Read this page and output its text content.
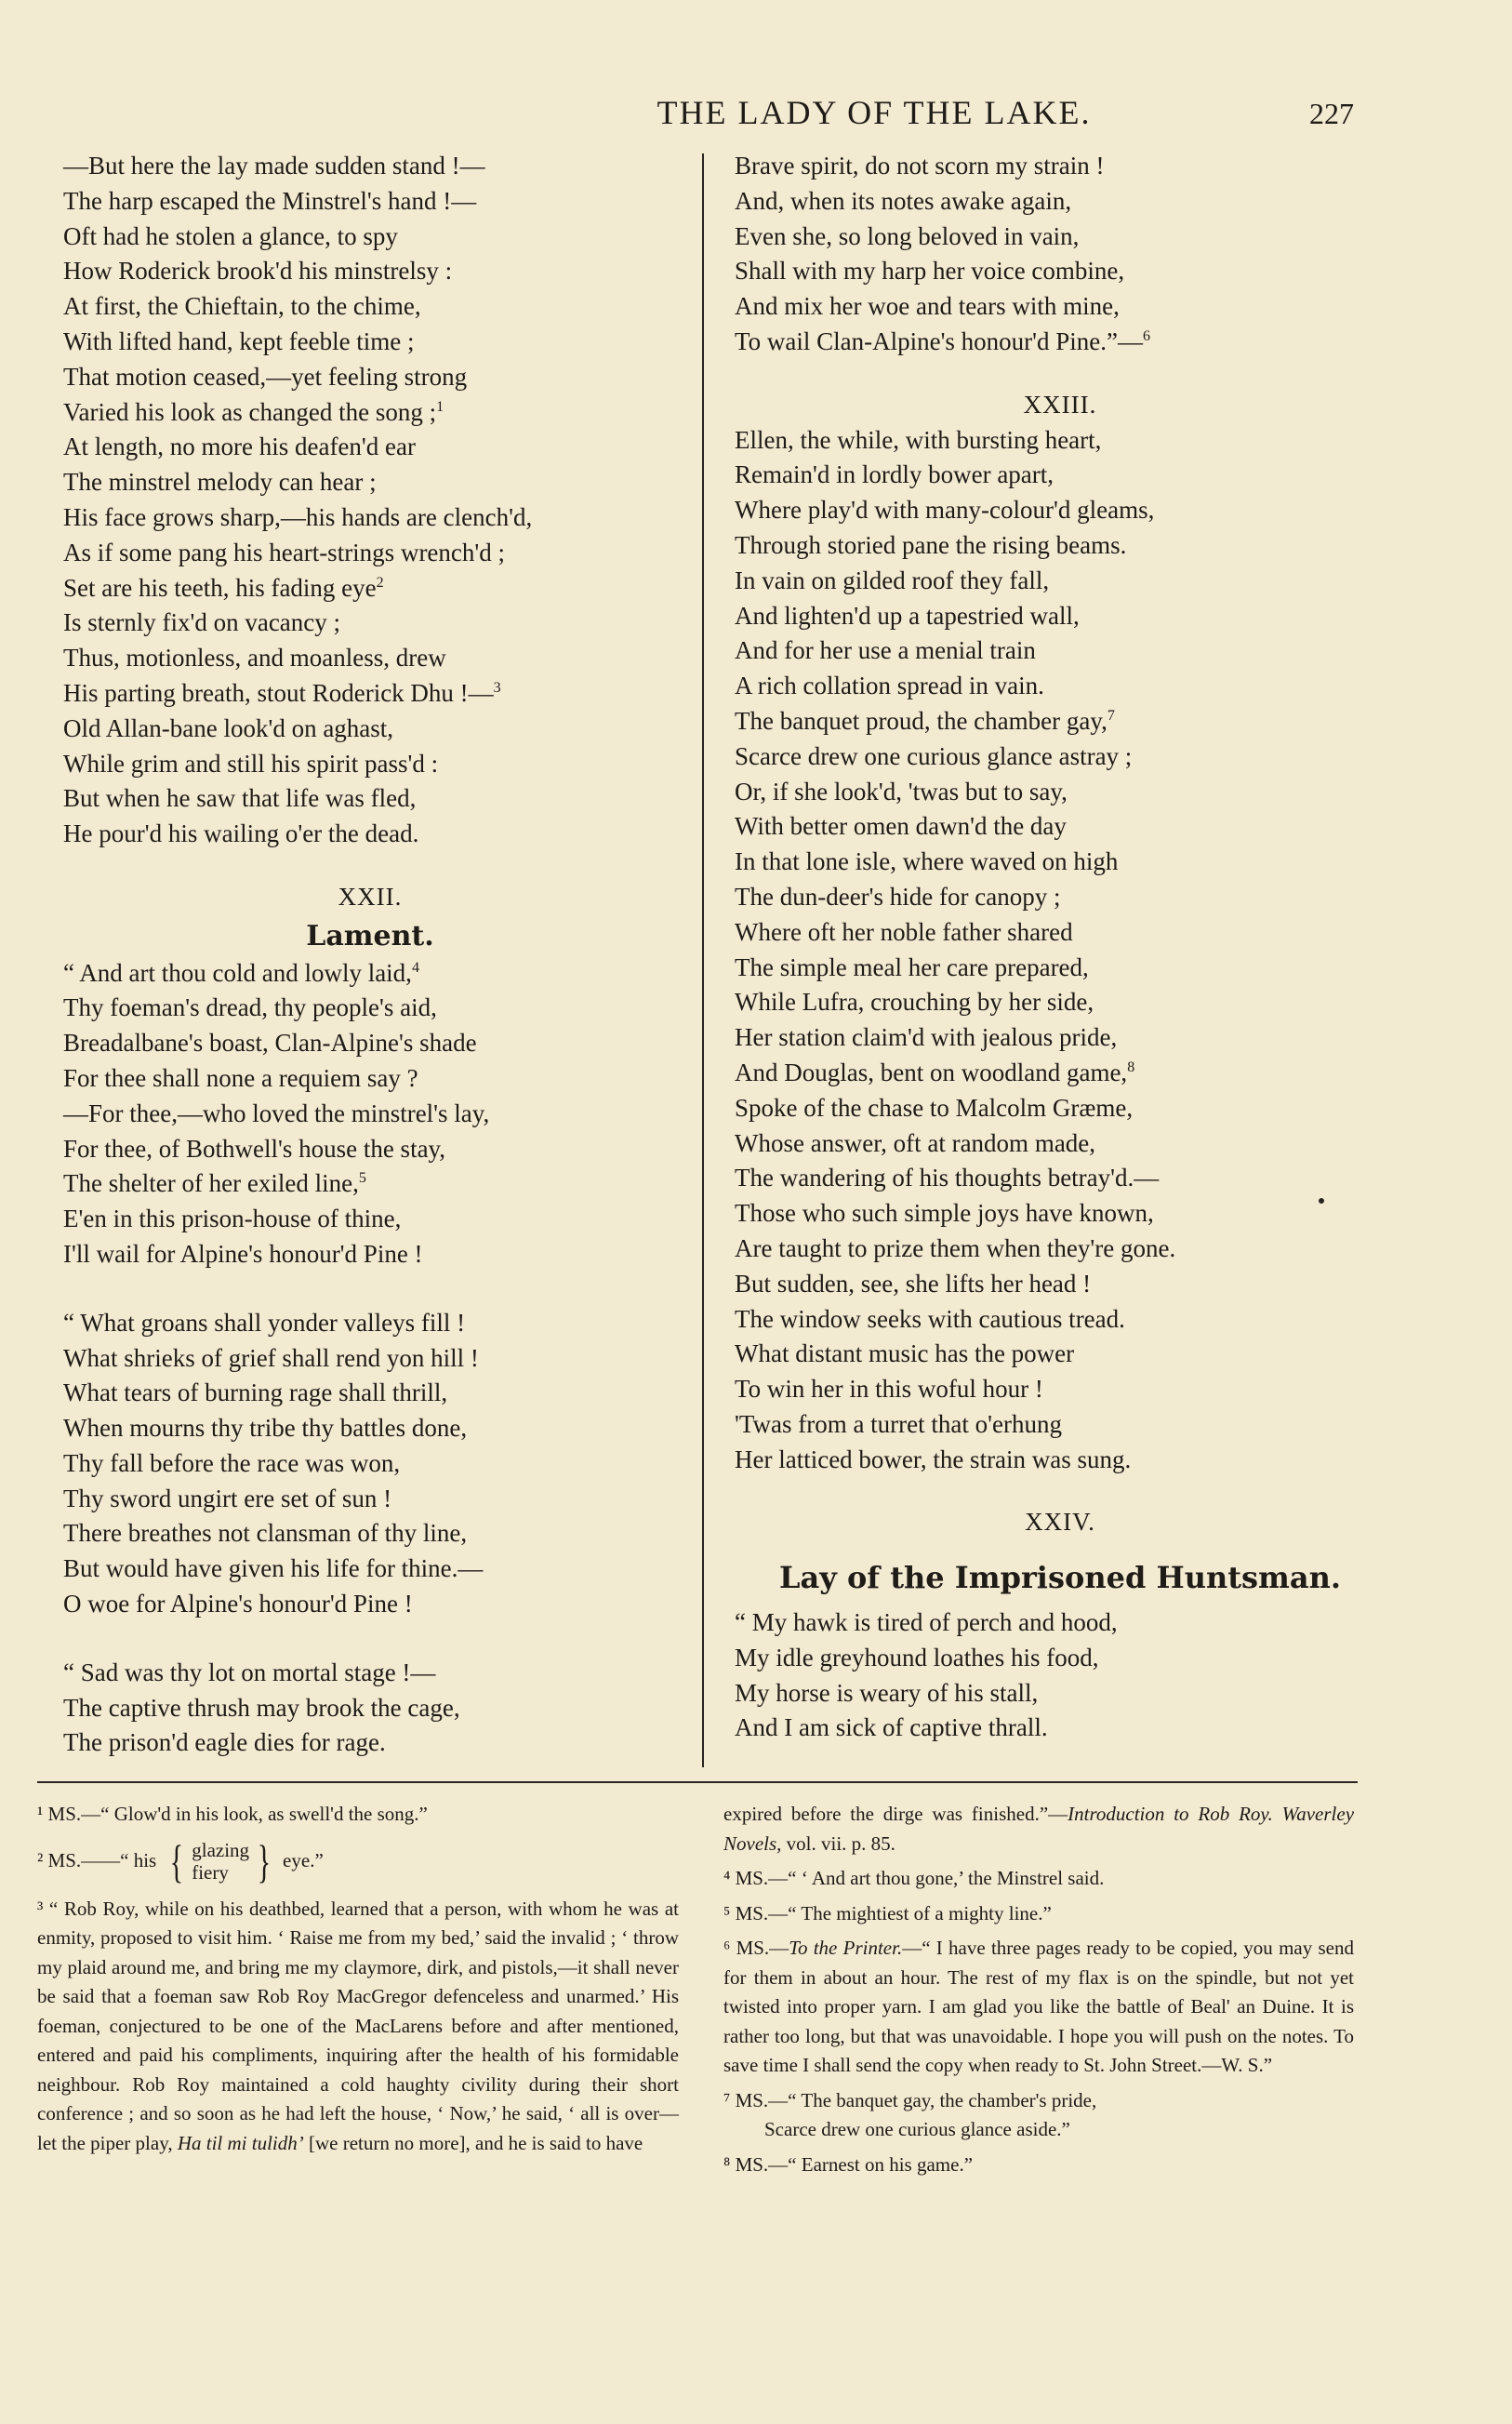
THE LADY OF THE LAKE.	227
—But here the lay made sudden stand !—
The harp escaped the Minstrel's hand !—
Oft had he stolen a glance, to spy
How Roderick brook'd his minstrelsy :
At first, the Chieftain, to the chime,
With lifted hand, kept feeble time ;
That motion ceased,—yet feeling strong
Varied his look as changed the song ;$^1$
At length, no more his deafen'd ear
The minstrel melody can hear ;
His face grows sharp,—his hands are clench'd,
As if some pang his heart-strings wrench'd ;
Set are his teeth, his fading eye$^2$
Is sternly fix'd on vacancy ;
Thus, motionless, and moanless, drew
His parting breath, stout Roderick Dhu !—$^3$
Old Allan-bane look'd on aghast,
While grim and still his spirit pass'd :
But when he saw that life was fled,
He pour'd his wailing o'er the dead.
XXII.
Lament.
“ And art thou cold and lowly laid,$^4$
Thy foeman's dread, thy people's aid,
Breadalbane's boast, Clan-Alpine's shade
For thee shall none a requiem say ?
—For thee,—who loved the minstrel's lay,
For thee, of Bothwell's house the stay,
The shelter of her exiled line,$^5$
E'en in this prison-house of thine,
I'll wail for Alpine's honour'd Pine !
“ What groans shall yonder valleys fill !
What shrieks of grief shall rend yon hill !
What tears of burning rage shall thrill,
When mourns thy tribe thy battles done,
Thy fall before the race was won,
Thy sword ungirt ere set of sun !
There breathes not clansman of thy line,
But would have given his life for thine.—
O woe for Alpine's honour'd Pine !
“ Sad was thy lot on mortal stage !—
The captive thrush may brook the cage,
The prison'd eagle dies for rage.
Brave spirit, do not scorn my strain !
And, when its notes awake again,
Even she, so long beloved in vain,
Shall with my harp her voice combine,
And mix her woe and tears with mine,
To wail Clan-Alpine's honour'd Pine.”—$^6$
XXIII.
Ellen, the while, with bursting heart,
Remain'd in lordly bower apart,
Where play'd with many-colour'd gleams,
Through storied pane the rising beams.
In vain on gilded roof they fall,
And lighten'd up a tapestried wall,
And for her use a menial train
A rich collation spread in vain.
The banquet proud, the chamber gay,$^7$
Scarce drew one curious glance astray ;
Or, if she look'd, 'twas but to say,
With better omen dawn'd the day
In that lone isle, where waved on high
The dun-deer's hide for canopy ;
Where oft her noble father shared
The simple meal her care prepared,
While Lufra, crouching by her side,
Her station claim'd with jealous pride,
And Douglas, bent on woodland game,$^8$
Spoke of the chase to Malcolm Græme,
Whose answer, oft at random made,
The wandering of his thoughts betray'd.—
Those who such simple joys have known,
Are taught to prize them when they're gone.
But sudden, see, she lifts her head !
The window seeks with cautious tread.
What distant music has the power
To win her in this woful hour !
'Twas from a turret that o'erhung
Her latticed bower, the strain was sung.
XXIV.
Lay of the Imprisoned Huntsman.
“ My hawk is tired of perch and hood,
My idle greyhound loathes his food,
My horse is weary of his stall,
And I am sick of captive thrall.
¹ MS.—“ Glow'd in his look, as swell'd the song.”
² MS.——“ his { glazing
fiery } eye.”
³ “ Rob Roy, while on his deathbed, learned that a person, with whom he was at enmity, proposed to visit him. ‘ Raise me from my bed,’ said the invalid ; ‘ throw my plaid around me, and bring me my claymore, dirk, and pistols,—it shall never be said that a foeman saw Rob Roy MacGregor defenceless and unarmed.’ His foeman, conjectured to be one of the MacLarens before and after mentioned, entered and paid his compliments, inquiring after the health of his formidable neighbour. Rob Roy maintained a cold haughty civility during their short conference ; and so soon as he had left the house, ‘ Now,’ he said, ‘ all is over—let the piper play, Ha til mi tulidh’ [we return no more], and he is said to have
expired before the dirge was finished.”—Introduction to Rob Roy. Waverley Novels, vol. vii. p. 85.
⁴ MS.—“ ‘ And art thou gone,’ the Minstrel said.
⁵ MS.—“ The mightiest of a mighty line.”
⁶ MS.—To the Printer.—“ I have three pages ready to be copied, you may send for them in about an hour. The rest of my flax is on the spindle, but not yet twisted into proper yarn. I am glad you like the battle of Beal' an Duine. It is rather too long, but that was unavoidable. I hope you will push on the notes. To save time I shall send the copy when ready to St. John Street.—W. S.”
⁷ MS.—“ The banquet gay, the chamber's pride,
Scarce drew one curious glance aside.”
⁸ MS.—“ Earnest on his game.”
